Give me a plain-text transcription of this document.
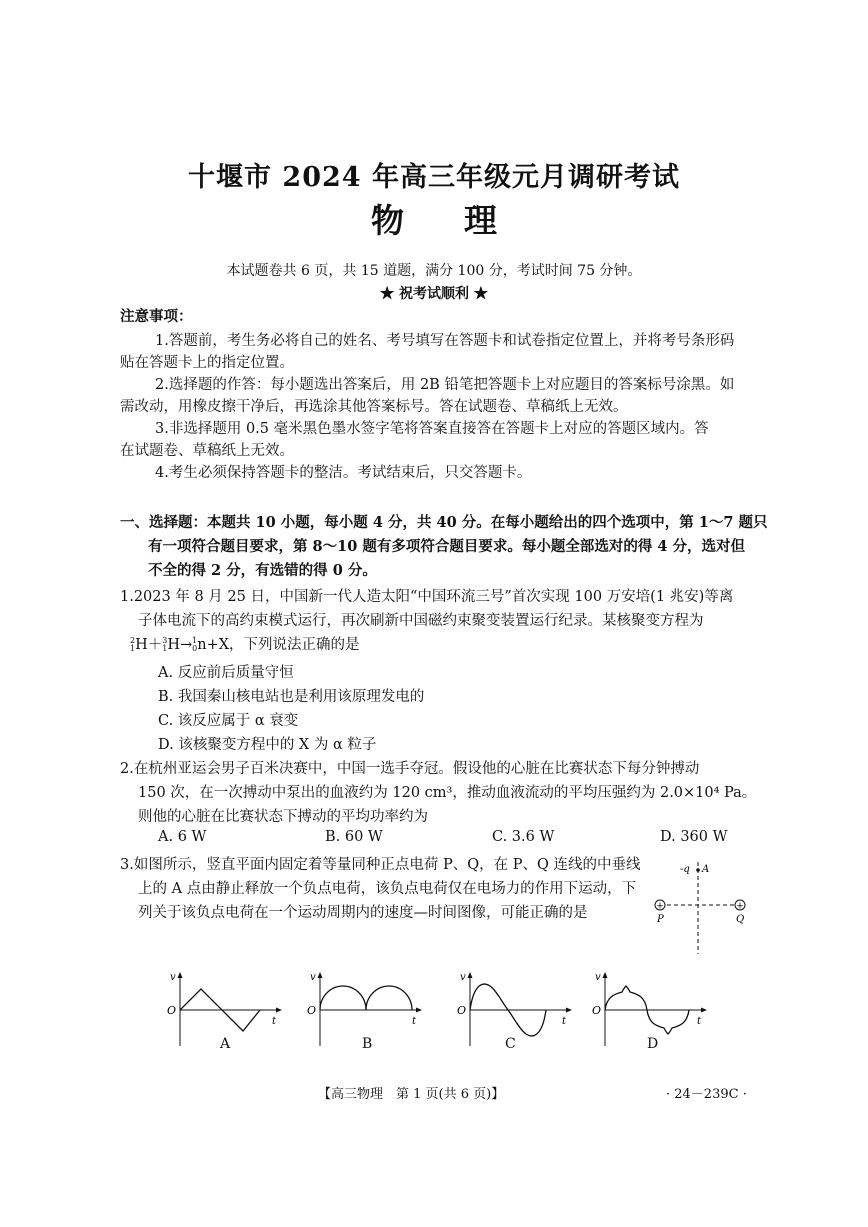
十堰市 2024 年高三年级元月调研考试
物 理
本试题卷共 6 页，共 15 道题，满分 100 分，考试时间 75 分钟。
★ 祝考试顺利 ★
注意事项：
1.答题前，考生务必将自己的姓名、考号填写在答题卡和试卷指定位置上，并将考号条形码
贴在答题卡上的指定位置。
2.选择题的作答：每小题选出答案后，用 2B 铅笔把答题卡上对应题目的答案标号涂黑。如
需改动，用橡皮擦干净后，再选涂其他答案标号。答在试题卷、草稿纸上无效。
3.非选择题用 0.5 毫米黑色墨水签字笔将答案直接答在答题卡上对应的答题区域内。答
在试题卷、草稿纸上无效。
4.考生必须保持答题卡的整洁。考试结束后，只交答题卡。
一、选择题：本题共 10 小题，每小题 4 分，共 40 分。在每小题给出的四个选项中，第 1～7 题只
有一项符合题目要求，第 8～10 题有多项符合题目要求。每小题全部选对的得 4 分，选对但
不全的得 2 分，有选错的得 0 分。
1.2023 年 8 月 25 日，中国新一代人造太阳“中国环流三号”首次实现 100 万安培(1 兆安)等离
子体电流下的高约束模式运行，再次刷新中国磁约束聚变装置运行纪录。某核聚变方程为
2
1H＋3
1H→1
0n+X，下列说法正确的是
A. 反应前后质量守恒
B. 我国秦山核电站也是利用该原理发电的
C. 该反应属于 α 衰变
D. 该核聚变方程中的 X 为 α 粒子
2.在杭州亚运会男子百米决赛中，中国一选手夺冠。假设他的心脏在比赛状态下每分钟搏动
150 次，在一次搏动中泵出的血液约为 120 cm³，推动血液流动的平均压强约为 2.0×10⁴ Pa。
则他的心脏在比赛状态下搏动的平均功率约为
A. 6 W	B. 60 W	C. 3.6 W	D. 360 W
3.如图所示，竖直平面内固定着等量同种正点电荷 P、Q，在 P、Q 连线的中垂线
上的 A 点由静止释放一个负点电荷，该负点电荷仅在电场力的作用下运动，下
列关于该负点电荷在一个运动周期内的速度—时间图像，可能正确的是	+	+
-q A
P	Q
v
O
t
A
v
O
t
B
v
O
t
C
v
O
t
D
【高三物理　第 1 页(共 6 页)】	· 24－239C ·
